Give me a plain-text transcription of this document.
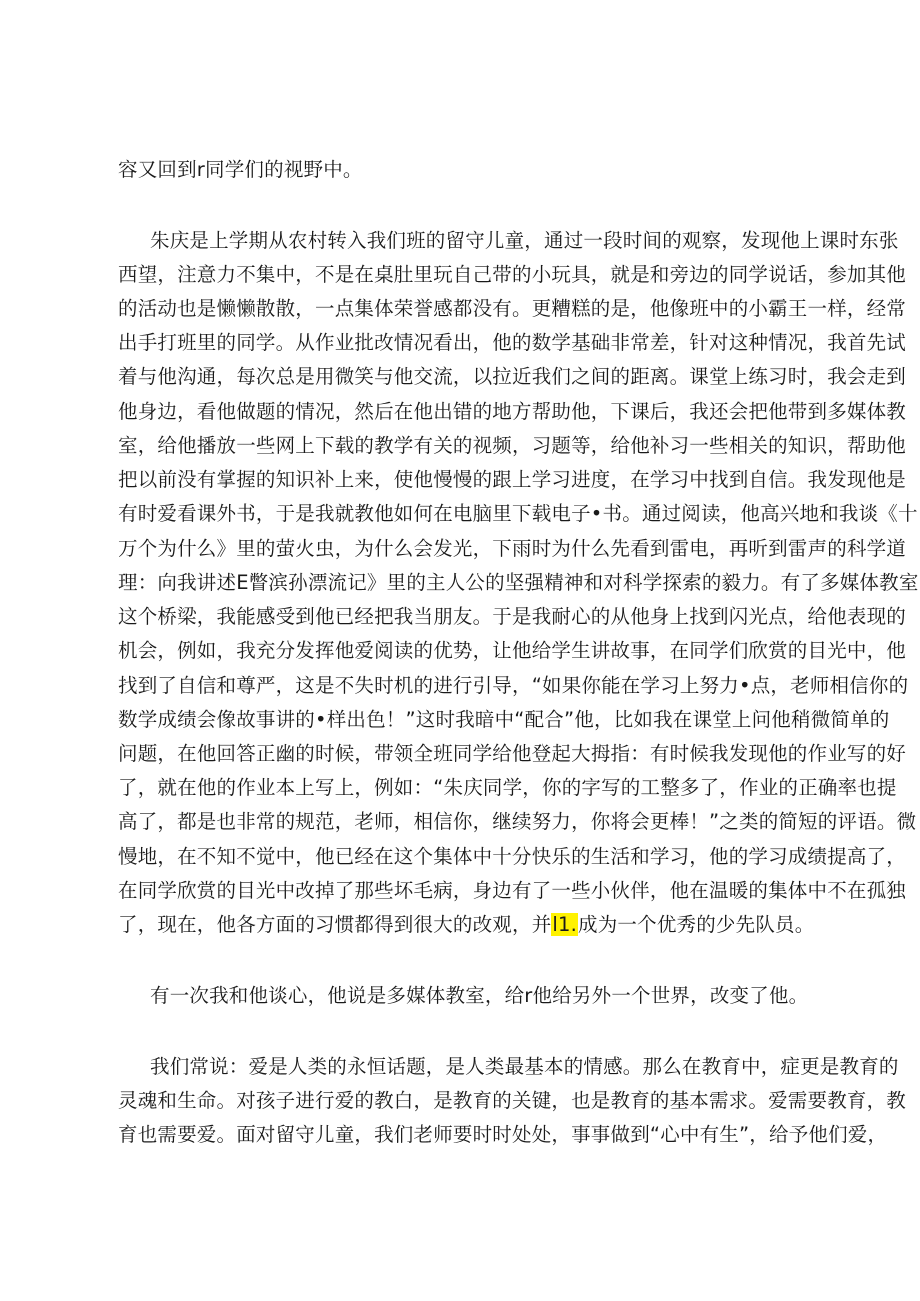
容又回到r同学们的视野中。
朱庆是上学期从农村转入我们班的留守儿童，通过一段时间的观察，发现他上课时东张
西望，注意力不集中，不是在桌肚里玩自己带的小玩具，就是和旁边的同学说话，参加其他
的活动也是懒懒散散，一点集体荣誉感都没有。更糟糕的是，他像班中的小霸王一样，经常
出手打班里的同学。从作业批改情况看出，他的数学基础非常差，针对这种情况，我首先试
着与他沟通，每次总是用微笑与他交流，以拉近我们之间的距离。课堂上练习时，我会走到
他身边，看他做题的情况，然后在他出错的地方帮助他，下课后，我还会把他带到多媒体教
室，给他播放一些网上下载的教学有关的视频，习题等，给他补习一些相关的知识，帮助他
把以前没有掌握的知识补上来，使他慢慢的跟上学习进度，在学习中找到自信。我发现他是
有时爱看课外书，于是我就教他如何在电脑里下载电子•书。通过阅读，他高兴地和我谈《十
万个为什么》里的萤火虫，为什么会发光，下雨时为什么先看到雷电，再听到雷声的科学道
理：向我讲述E瞥滨孙漂流记》里的主人公的坚强精神和对科学探索的毅力。有了多媒体教室
这个桥梁，我能感受到他已经把我当朋友。于是我耐心的从他身上找到闪光点，给他表现的
机会，例如，我充分发挥他爱阅读的优势，让他给学生讲故事，在同学们欣赏的目光中，他
找到了自信和尊严，这是不失时机的进行引导，“如果你能在学习上努力•点，老师相信你的
数学成绩会像故事讲的•样出色！”这时我暗中“配合”他，比如我在课堂上问他稍微简单的
问题，在他回答正幽的时候，带领全班同学给他登起大拇指：有时候我发现他的作业写的好
了，就在他的作业本上写上，例如：“朱庆同学，你的字写的工整多了，作业的正确率也提
高了，都是也非常的规范，老师，相信你，继续努力，你将会更棒！”之类的简短的评语。微
慢地，在不知不觉中，他已经在这个集体中十分快乐的生活和学习，他的学习成绩提高了，
在同学欣赏的目光中改掉了那些坏毛病，身边有了一些小伙伴，他在温暖的集体中不在孤独
了，现在，他各方面的习惯都得到很大的改观，并l1.成为一个优秀的少先队员。
有一次我和他谈心，他说是多媒体教室，给r他给另外一个世界，改变了他。
我们常说：爱是人类的永恒话题，是人类最基本的情感。那么在教育中，症更是教育的
灵魂和生命。对孩子进行爱的教白，是教育的关键，也是教育的基本需求。爱需要教育，教
育也需要爱。面对留守儿童，我们老师要时时处处，事事做到“心中有生”，给予他们爱，
